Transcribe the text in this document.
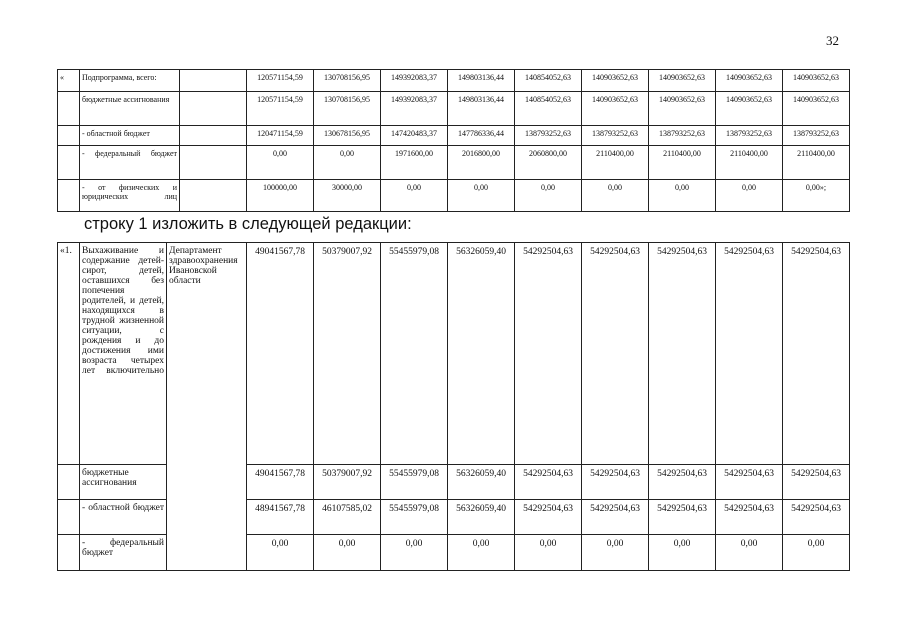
32
«	Подпрограмма, всего:		120571154,59	130708156,95	149392083,37	149803136,44	140854052,63	140903652,63	140903652,63	140903652,63	140903652,63
	бюджетные ассигнования		120571154,59	130708156,95	149392083,37	149803136,44	140854052,63	140903652,63	140903652,63	140903652,63	140903652,63
	- областной бюджет		120471154,59	130678156,95	147420483,37	147786336,44	138793252,63	138793252,63	138793252,63	138793252,63	138793252,63
	- федеральный бюджет		0,00	0,00	1971600,00	2016800,00	2060800,00	2110400,00	2110400,00	2110400,00	2110400,00
	- от физических и юридических лиц		100000,00	30000,00	0,00	0,00	0,00	0,00	0,00	0,00	0,00»;
строку 1 изложить в следующей редакции:
«1.	Выхаживание и содержание детей-сирот, детей, оставшихся без попечения родителей, и детей, находящихся в трудной жизненной ситуации, с рождения и до достижения ими возраста четырех лет включительно	Департамент здравоохранения Ивановской области	49041567,78	50379007,92	55455979,08	56326059,40	54292504,63	54292504,63	54292504,63	54292504,63	54292504,63
	бюджетные ассигнования		49041567,78	50379007,92	55455979,08	56326059,40	54292504,63	54292504,63	54292504,63	54292504,63	54292504,63
	- областной бюджет		48941567,78	46107585,02	55455979,08	56326059,40	54292504,63	54292504,63	54292504,63	54292504,63	54292504,63
	- федеральный бюджет		0,00	0,00	0,00	0,00	0,00	0,00	0,00	0,00	0,00
